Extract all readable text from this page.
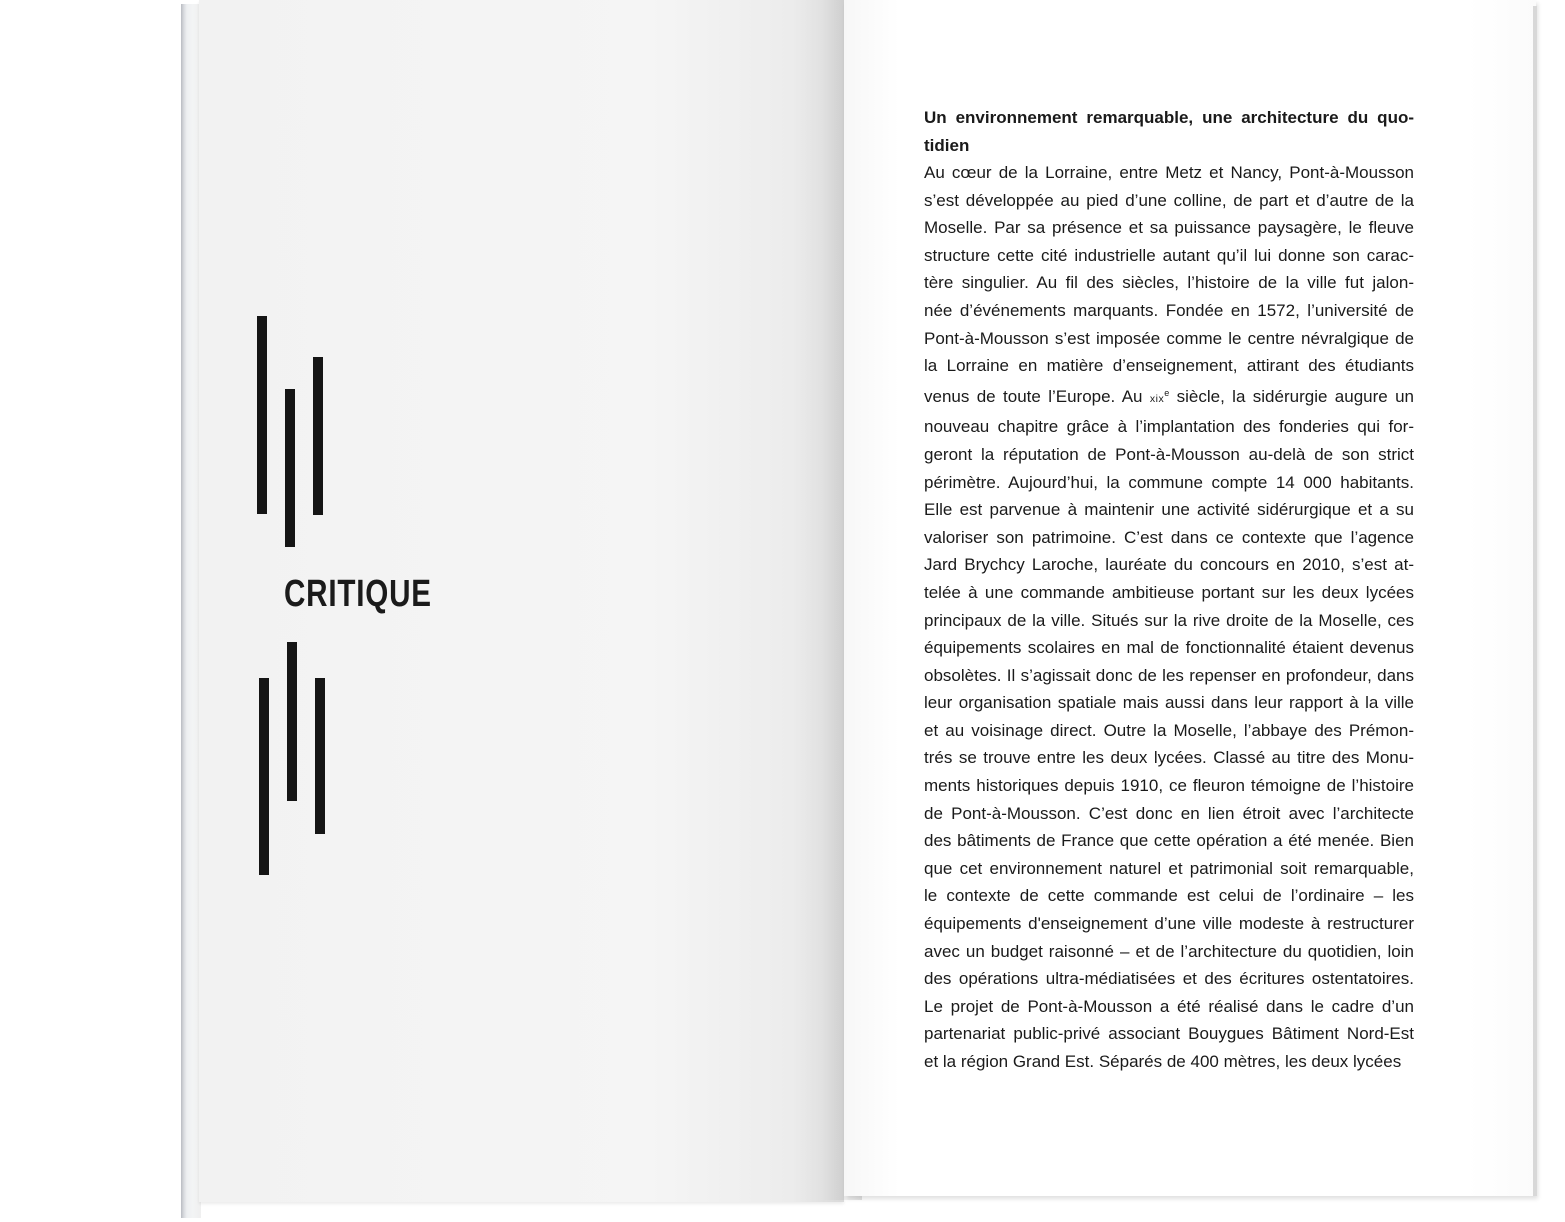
CRITIQUE
Un environnement remarquable, une architecture du quo-
tidien

Au cœur de la Lorraine, entre Metz et Nancy, Pont-à-Mousson
s’est développée au pied d’une colline, de part et d’autre de la
Moselle. Par sa présence et sa puissance paysagère, le fleuve
structure cette cité industrielle autant qu’il lui donne son carac-
tère singulier. Au fil des siècles, l’histoire de la ville fut jalon-
née d’événements marquants. Fondée en 1572, l’université de
Pont-à-Mousson s’est imposée comme le centre névralgique de
la Lorraine en matière d’enseignement, attirant des étudiants
venus de toute l’Europe. Au xix$^e$ siècle, la sidérurgie augure un
nouveau chapitre grâce à l’implantation des fonderies qui for-
geront la réputation de Pont-à-Mousson au-delà de son strict
périmètre. Aujourd’hui, la commune compte 14 000 habitants.
Elle est parvenue à maintenir une activité sidérurgique et a su
valoriser son patrimoine. C’est dans ce contexte que l’agence
Jard Brychcy Laroche, lauréate du concours en 2010, s’est at-
telée à une commande ambitieuse portant sur les deux lycées
principaux de la ville. Situés sur la rive droite de la Moselle, ces
équipements scolaires en mal de fonctionnalité étaient devenus
obsolètes. Il s’agissait donc de les repenser en profondeur, dans
leur organisation spatiale mais aussi dans leur rapport à la ville
et au voisinage direct. Outre la Moselle, l’abbaye des Prémon-
trés se trouve entre les deux lycées. Classé au titre des Monu-
ments historiques depuis 1910, ce fleuron témoigne de l’histoire
de Pont-à-Mousson. C’est donc en lien étroit avec l’architecte
des bâtiments de France que cette opération a été menée. Bien
que cet environnement naturel et patrimonial soit remarquable,
le contexte de cette commande est celui de l’ordinaire – les
équipements d'enseignement d’une ville modeste à restructurer
avec un budget raisonné – et de l’architecture du quotidien, loin
des opérations ultra-médiatisées et des écritures ostentatoires.
Le projet de Pont-à-Mousson a été réalisé dans le cadre d’un
partenariat public-privé associant Bouygues Bâtiment Nord-Est
et la région Grand Est. Séparés de 400 mètres, les deux lycées
